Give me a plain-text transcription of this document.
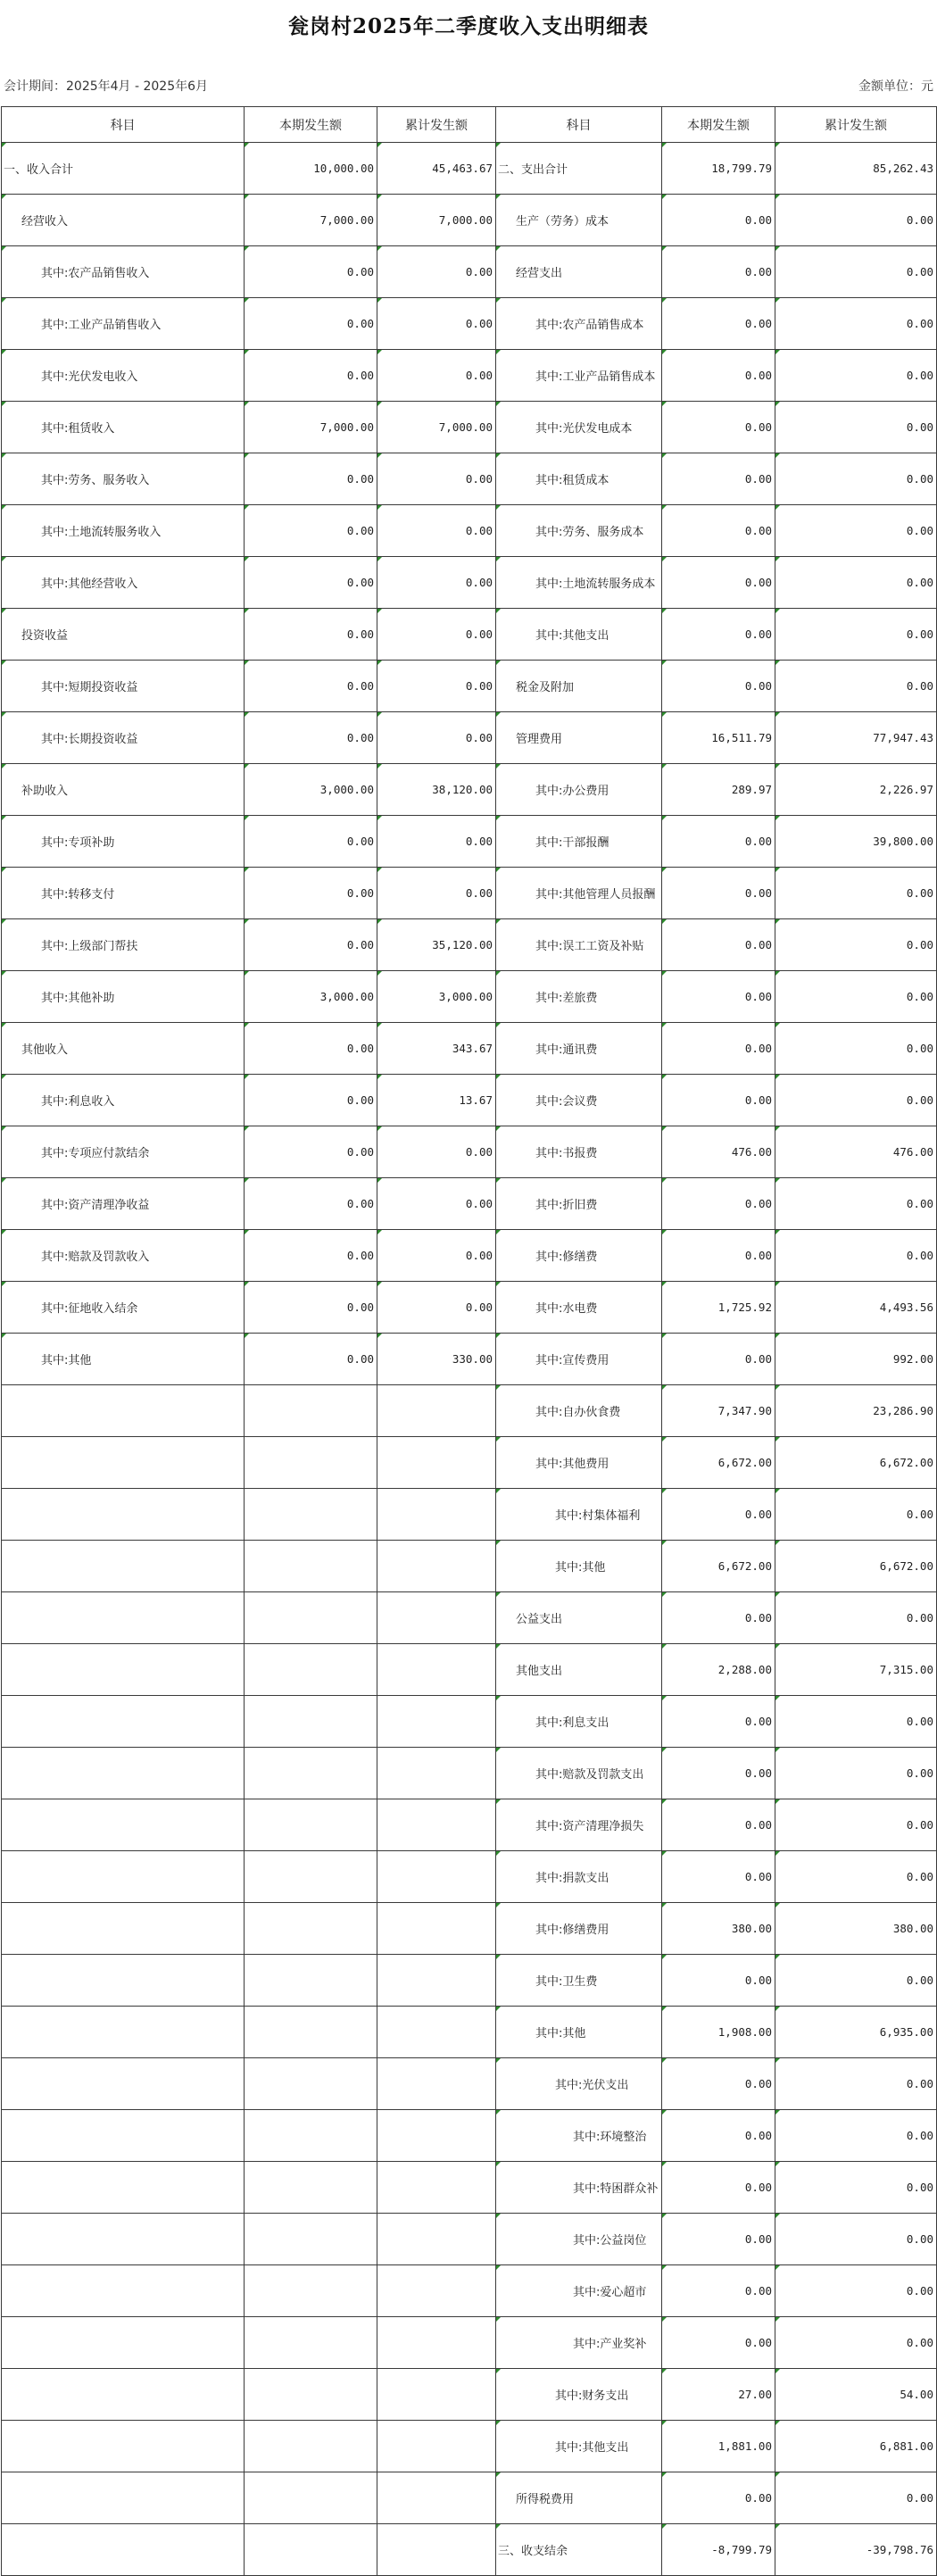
瓮岗村2025年二季度收入支出明细表
会计期间：2025年4月 - 2025年6月	金额单位：元
科目	本期发生额	累计发生额	科目	本期发生额	累计发生额
一、收入合计	10,000.00	45,463.67	二、支出合计	18,799.79	85,262.43
经营收入	7,000.00	7,000.00	生产（劳务）成本	0.00	0.00
其中:农产品销售收入	0.00	0.00	经营支出	0.00	0.00
其中:工业产品销售收入	0.00	0.00	其中:农产品销售成本	0.00	0.00
其中:光伏发电收入	0.00	0.00	其中:工业产品销售成本	0.00	0.00
其中:租赁收入	7,000.00	7,000.00	其中:光伏发电成本	0.00	0.00
其中:劳务、服务收入	0.00	0.00	其中:租赁成本	0.00	0.00
其中:土地流转服务收入	0.00	0.00	其中:劳务、服务成本	0.00	0.00
其中:其他经营收入	0.00	0.00	其中:土地流转服务成本	0.00	0.00
投资收益	0.00	0.00	其中:其他支出	0.00	0.00
其中:短期投资收益	0.00	0.00	税金及附加	0.00	0.00
其中:长期投资收益	0.00	0.00	管理费用	16,511.79	77,947.43
补助收入	3,000.00	38,120.00	其中:办公费用	289.97	2,226.97
其中:专项补助	0.00	0.00	其中:干部报酬	0.00	39,800.00
其中:转移支付	0.00	0.00	其中:其他管理人员报酬	0.00	0.00
其中:上级部门帮扶	0.00	35,120.00	其中:误工工资及补贴	0.00	0.00
其中:其他补助	3,000.00	3,000.00	其中:差旅费	0.00	0.00
其他收入	0.00	343.67	其中:通讯费	0.00	0.00
其中:利息收入	0.00	13.67	其中:会议费	0.00	0.00
其中:专项应付款结余	0.00	0.00	其中:书报费	476.00	476.00
其中:资产清理净收益	0.00	0.00	其中:折旧费	0.00	0.00
其中:赔款及罚款收入	0.00	0.00	其中:修缮费	0.00	0.00
其中:征地收入结余	0.00	0.00	其中:水电费	1,725.92	4,493.56
其中:其他	0.00	330.00	其中:宣传费用	0.00	992.00
			其中:自办伙食费	7,347.90	23,286.90
			其中:其他费用	6,672.00	6,672.00
			其中:村集体福利	0.00	0.00
			其中:其他	6,672.00	6,672.00
			公益支出	0.00	0.00
			其他支出	2,288.00	7,315.00
			其中:利息支出	0.00	0.00
			其中:赔款及罚款支出	0.00	0.00
			其中:资产清理净损失	0.00	0.00
			其中:捐款支出	0.00	0.00
			其中:修缮费用	380.00	380.00
			其中:卫生费	0.00	0.00
			其中:其他	1,908.00	6,935.00
			其中:光伏支出	0.00	0.00
			其中:环境整治	0.00	0.00
			其中:特困群众补	0.00	0.00
			其中:公益岗位	0.00	0.00
			其中:爱心超市	0.00	0.00
			其中:产业奖补	0.00	0.00
			其中:财务支出	27.00	54.00
			其中:其他支出	1,881.00	6,881.00
			所得税费用	0.00	0.00
			三、收支结余	-8,799.79	-39,798.76
